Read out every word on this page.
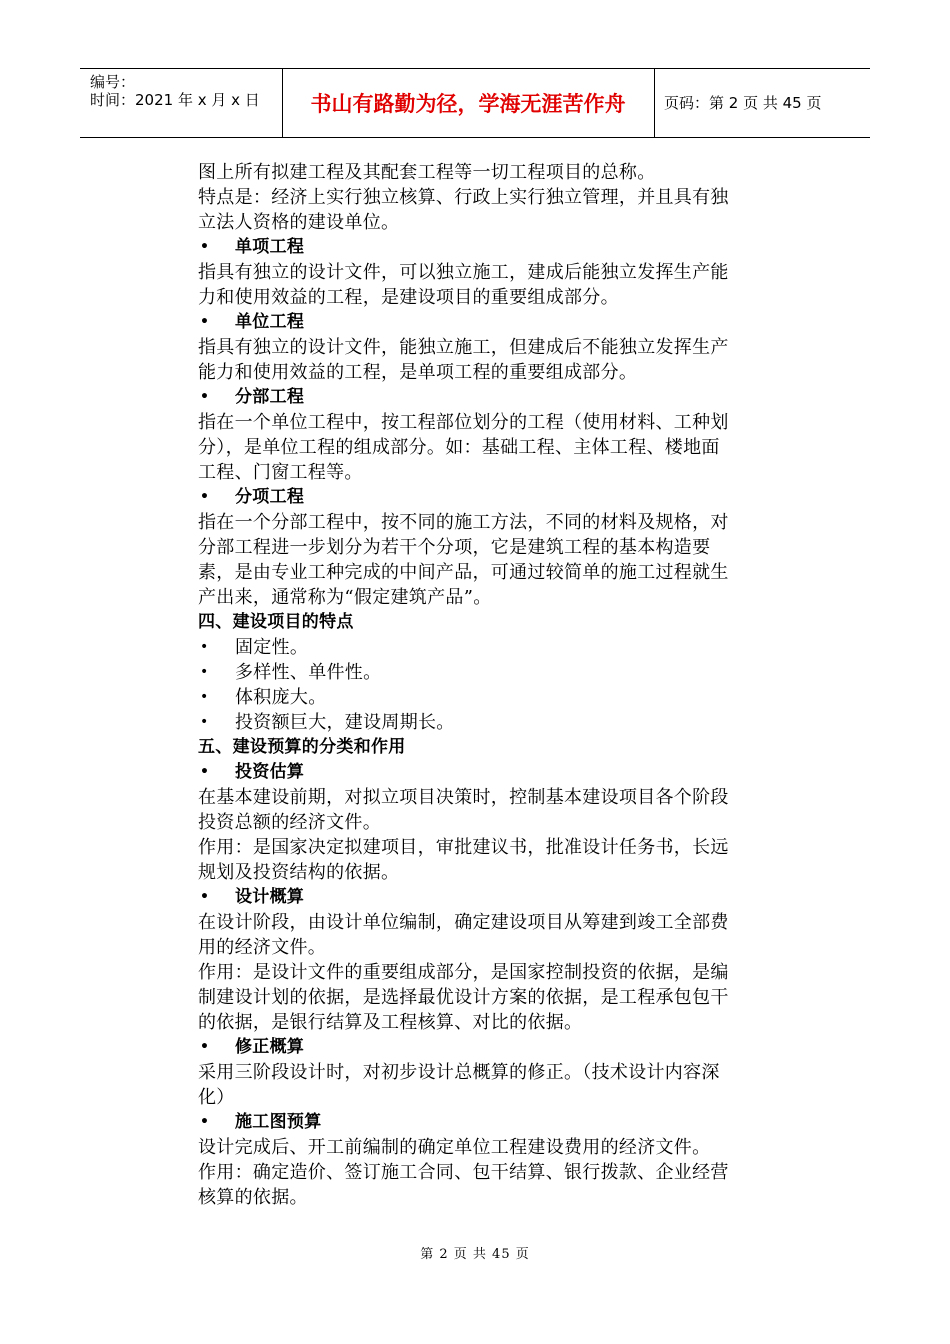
编号：
时间：2021 年 x 月 x 日	书山有路勤为径，学海无涯苦作舟	页码：第 2 页 共 45 页
图上所有拟建工程及其配套工程等一切工程项目的总称。
特点是：经济上实行独立核算、行政上实行独立管理，并且具有独
立法人资格的建设单位。
• 单项工程
指具有独立的设计文件，可以独立施工，建成后能独立发挥生产能
力和使用效益的工程，是建设项目的重要组成部分。
• 单位工程
指具有独立的设计文件，能独立施工，但建成后不能独立发挥生产
能力和使用效益的工程，是单项工程的重要组成部分。
• 分部工程
指在一个单位工程中，按工程部位划分的工程（使用材料、工种划
分），是单位工程的组成部分。如：基础工程、主体工程、楼地面
工程、门窗工程等。
• 分项工程
指在一个分部工程中，按不同的施工方法，不同的材料及规格，对
分部工程进一步划分为若干个分项，它是建筑工程的基本构造要
素，是由专业工种完成的中间产品，可通过较简单的施工过程就生
产出来，通常称为“假定建筑产品”。
四、建设项目的特点
• 固定性。
• 多样性、单件性。
• 体积庞大。
• 投资额巨大，建设周期长。
五、建设预算的分类和作用
• 投资估算
在基本建设前期，对拟立项目决策时，控制基本建设项目各个阶段
投资总额的经济文件。
作用：是国家决定拟建项目，审批建议书，批准设计任务书，长远
规划及投资结构的依据。
• 设计概算
在设计阶段，由设计单位编制，确定建设项目从筹建到竣工全部费
用的经济文件。
作用：是设计文件的重要组成部分，是国家控制投资的依据，是编
制建设计划的依据，是选择最优设计方案的依据，是工程承包包干
的依据，是银行结算及工程核算、对比的依据。
• 修正概算
采用三阶段设计时，对初步设计总概算的修正。（技术设计内容深
化）
• 施工图预算
设计完成后、开工前编制的确定单位工程建设费用的经济文件。
作用：确定造价、签订施工合同、包干结算、银行拨款、企业经营
核算的依据。
第 2 页 共 45 页
